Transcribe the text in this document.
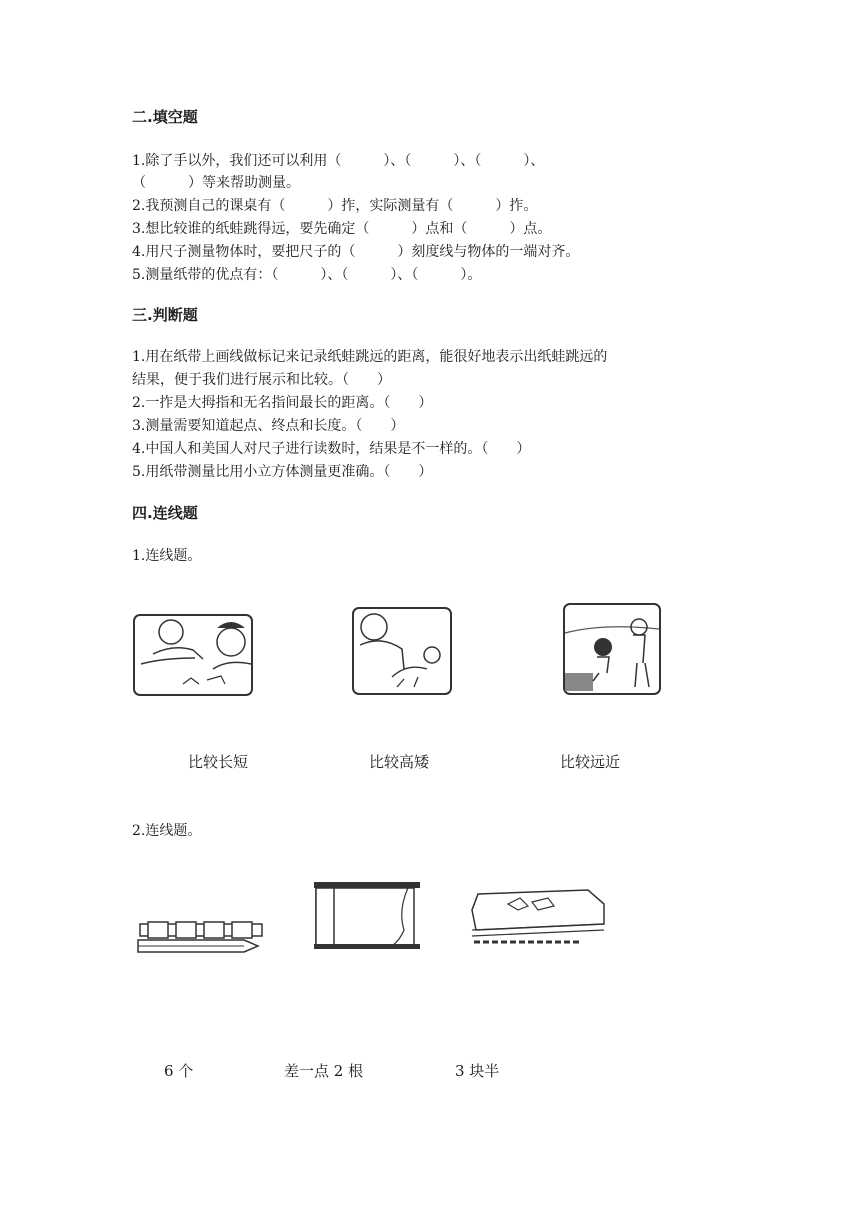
二.填空题
1.除了手以外，我们还可以利用（　　　）、（　　　）、（　　　）、
（　　　）等来帮助测量。
2.我预测自己的课桌有（　　　）拃，实际测量有（　　　）拃。
3.想比较谁的纸蛙跳得远，要先确定（　　　）点和（　　　）点。
4.用尺子测量物体时，要把尺子的（　　　）刻度线与物体的一端对齐。
5.测量纸带的优点有：（　　　）、（　　　）、（　　　）。
三.判断题
1.用在纸带上画线做标记来记录纸蛙跳远的距离，能很好地表示出纸蛙跳远的
结果，便于我们进行展示和比较。（　　）
2.一拃是大拇指和无名指间最长的距离。（　　）
3.测量需要知道起点、终点和长度。（　　）
4.中国人和美国人对尺子进行读数时，结果是不一样的。（　　）
5.用纸带测量比用小立方体测量更准确。（　　）
四.连线题
1.连线题。
比较长短	比较高矮	比较远近
2.连线题。
6 个	差一点 2 根	3 块半
